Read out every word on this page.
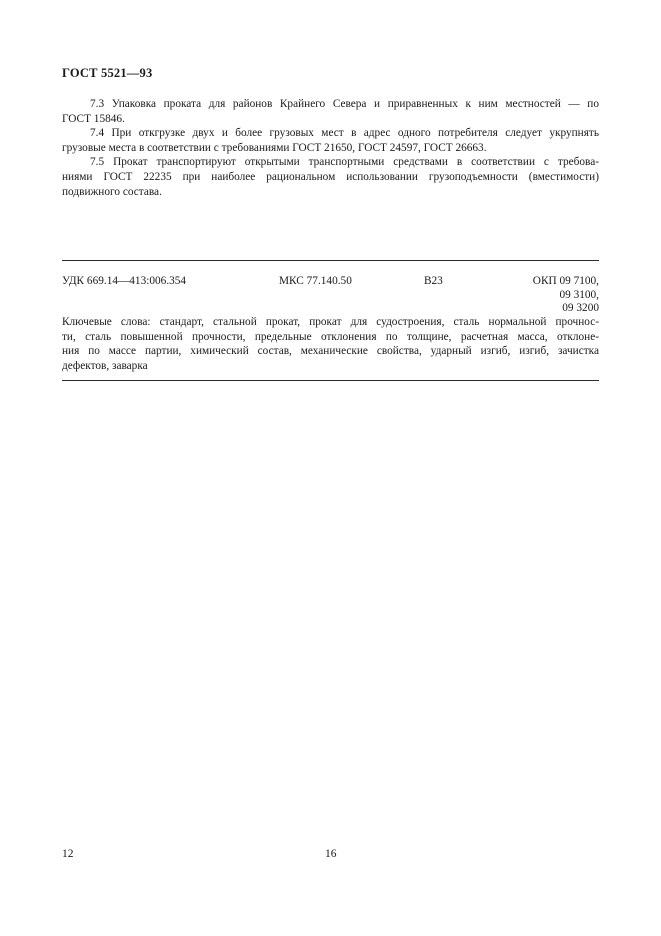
ГОСТ 5521—93

7.3 Упаковка проката для районов Крайнего Севера и приравненных к ним местностей — по
ГОСТ 15846.

7.4 При откгрузке двух и более грузовых мест в адрес одного потребителя следует укрупнять
грузовые места в соответствии с требованиями ГОСТ 21650, ГОСТ 24597, ГОСТ 26663.

7.5 Прокат транспортируют открытыми транспортными средствами в соответствии с требова-
ниями ГОСТ 22235 при наиболее рациональном использовании грузоподъемности (вместимости)
подвижного состава.

УДК 669.14—413:006.354	МКС 77.140.50	В23	ОКП 09 7100,
09 3100,
09 3200
Ключевые слова: стандарт, стальной прокат, прокат для судостроения, сталь нормальной прочнос-
ти, сталь повышенной прочности, предельные отклонения по толщине, расчетная масса, отклоне-
ния по массе партии, химический состав, механические свойства, ударный изгиб, изгиб, зачистка
дефектов, заварка
12	16
